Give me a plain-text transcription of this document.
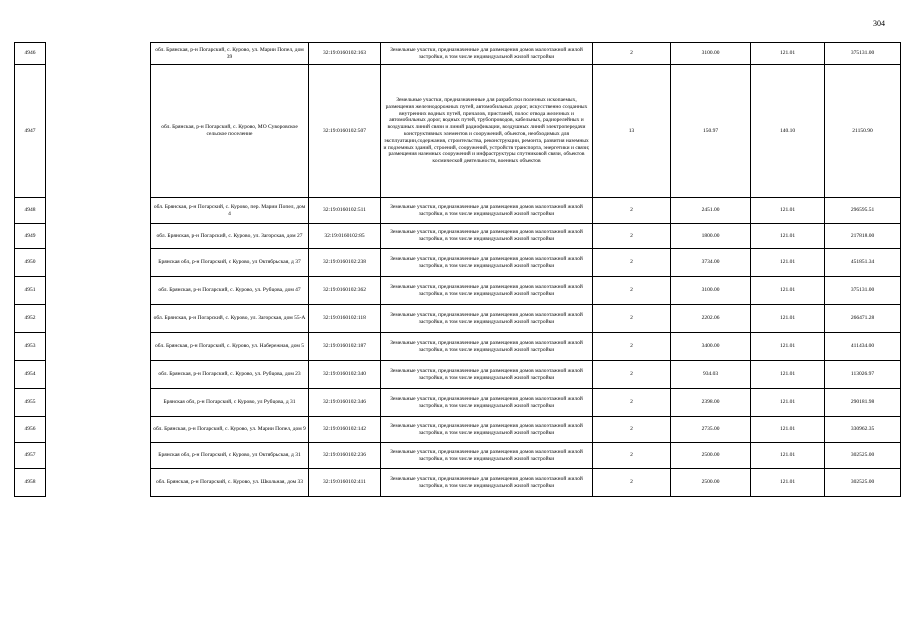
304
4946		обл. Брянская, р-н Погарский, с. Курово, ул. Марии Попел, дом 39	32:19:0160102:163	Земельные участки, предназначенные для размещения домов малоэтажной жилой застройки, в том числе индивидуальной жилой застройки	2	3100.00	121.01	375131.00
4947		обл. Брянская, р-н Погарский, с. Курово, МО Суворовское сельское поселение	32:19:0160102:507	Земельные участки, предназначенные для разработки полезных ископаемых, размещения железнодорожных путей, автомобильных дорог, искусственно созданных внутренних водных путей, причалов, пристаней, полос отвода железных и автомобильных дорог, водных путей, трубопроводов, кабельных, радиорелейных и воздушных линий связи и линий радиофикации, воздушных линий электропередачи конструктивных элементов и сооружений, объектов, необходимых для эксплуатации,содержания, строительства, реконструкции, ремонта, развития наземных и подземных зданий, строений, сооружений, устройств транспорта, энергетики и связи; размещения наземных сооружений и инфраструктуры спутниковой связи, объектов космической деятельности, военных объектов	13	150.97	140.10	21150.90
4948		обл. Брянская, р-н Погарский, с. Курово, пер. Марии Попел, дом 4	32:19:0160102:511	Земельные участки, предназначенные для размещения домов малоэтажной жилой застройки, в том числе индивидуальной жилой застройки	2	2451.00	121.01	296595.51
4949		обл. Брянская, р-н Погарский, с. Курово, ул. Загорская, дом 27	32:19:0160102:85	Земельные участки, предназначенные для размещения домов малоэтажной жилой застройки, в том числе индивидуальной жилой застройки	2	1800.00	121.01	217818.00
4950		Брянская обл, р-н Погарский, с Курово, ул Октябрьская, д 37	32:19:0160102:238	Земельные участки, предназначенные для размещения домов малоэтажной жилой застройки, в том числе индивидуальной жилой застройки	2	3734.00	121.01	451851.34
4951		обл. Брянская, р-н Погарский, с. Курово, ул. Рубцова, дом 47	32:19:0160102:362	Земельные участки, предназначенные для размещения домов малоэтажной жилой застройки, в том числе индивидуальной жилой застройки	2	3100.00	121.01	375131.00
4952		обл. Брянская, р-н Погарский, с. Курово, ул. Загорская, дом 55-А	32:19:0160102:118	Земельные участки, предназначенные для размещения домов малоэтажной жилой застройки, в том числе индивидуальной жилой застройки	2	2202.06	121.01	266471.28
4953		обл. Брянская, р-н Погарский, с. Курово, ул. Набережная, дом 5	32:19:0160102:187	Земельные участки, предназначенные для размещения домов малоэтажной жилой застройки, в том числе индивидуальной жилой застройки	2	3400.00	121.01	411434.00
4954		обл. Брянская, р-н Погарский, с. Курово, ул. Рубцова, дом 23	32:19:0160102:340	Земельные участки, предназначенные для размещения домов малоэтажной жилой застройки, в том числе индивидуальной жилой застройки	2	934.03	121.01	113026.97
4955		Брянская обл, р-н Погарский, с Курово, ул Рубцова, д 31	32:19:0160102:346	Земельные участки, предназначенные для размещения домов малоэтажной жилой застройки, в том числе индивидуальной жилой застройки	2	2398.00	121.01	290181.98
4956		обл. Брянская, р-н Погарский, с. Курово, ул. Марии Попел, дом 9	32:19:0160102:142	Земельные участки, предназначенные для размещения домов малоэтажной жилой застройки, в том числе индивидуальной жилой застройки	2	2735.00	121.01	330962.35
4957		Брянская обл, р-н Погарский, с Курово, ул Октябрьская, д 31	32:19:0160102:236	Земельные участки, предназначенные для размещения домов малоэтажной жилой застройки, в том числе индивидуальной жилой застройки	2	2500.00	121.01	302525.00
4958		обл. Брянская, р-н Погарский, с. Курово, ул. Школьная, дом 33	32:19:0160102:411	Земельные участки, предназначенные для размещения домов малоэтажной жилой застройки, в том числе индивидуальной жилой застройки	2	2500.00	121.01	302525.00
